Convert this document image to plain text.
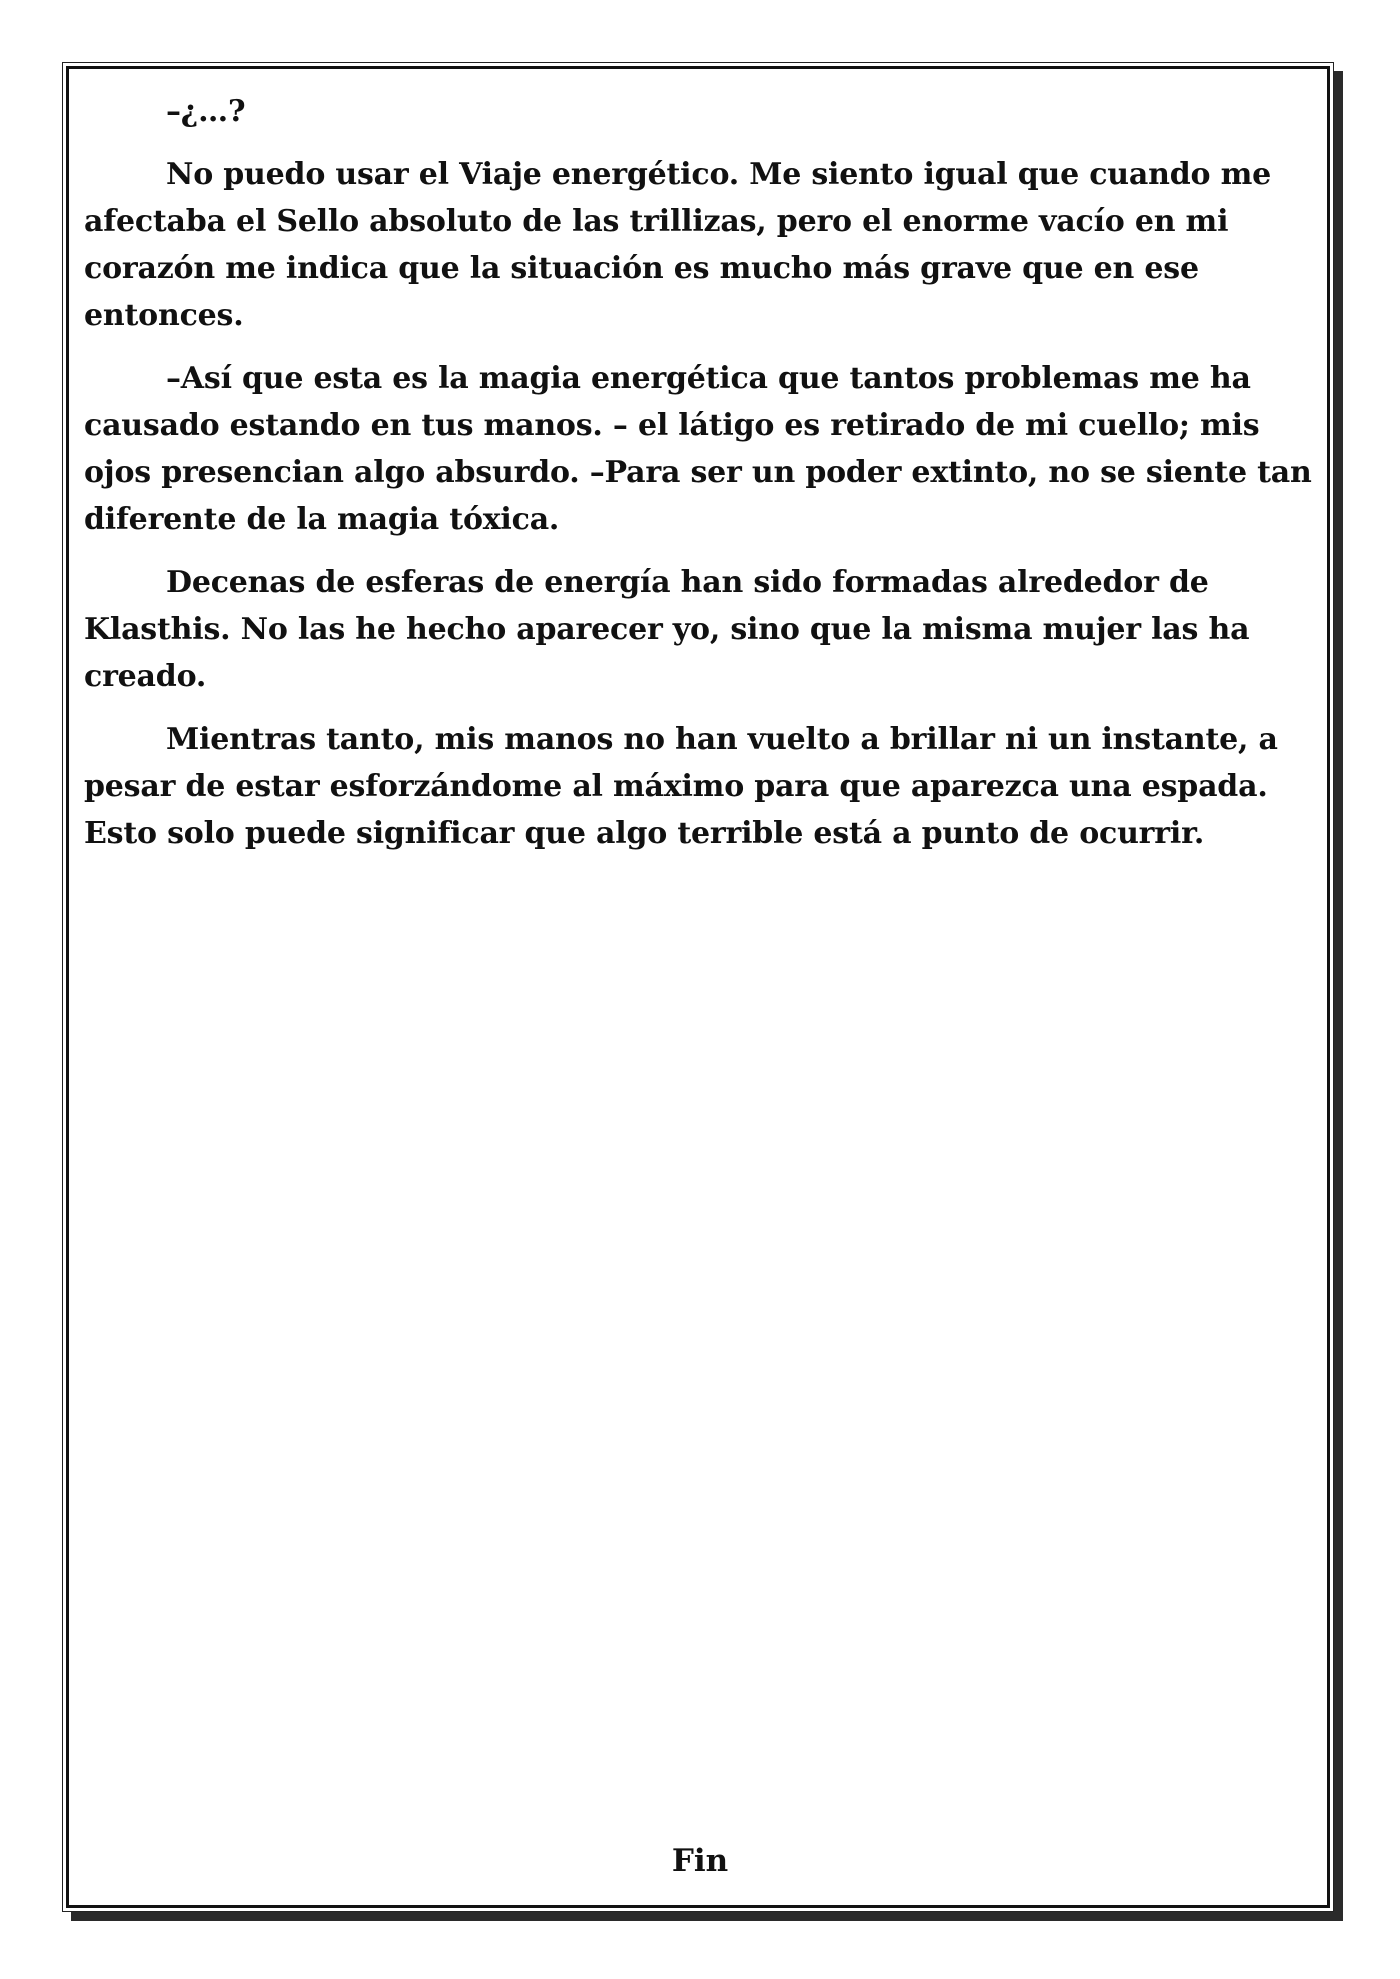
–¿…?

No puedo usar el Viaje energético. Me siento igual que cuando me afectaba el Sello absoluto de las trillizas, pero el enorme vacío en mi corazón me indica que la situación es mucho más grave que en ese entonces.

–Así que esta es la magia energética que tantos problemas me ha causado estando en tus manos. – el látigo es retirado de mi cuello; mis ojos presencian algo absurdo. –Para ser un poder extinto, no se siente tan diferente de la magia tóxica.

Decenas de esferas de energía han sido formadas alrededor de Klasthis. No las he hecho aparecer yo, sino que la misma mujer las ha creado.

Mientras tanto, mis manos no han vuelto a brillar ni un instante, a pesar de estar esforzándome al máximo para que aparezca una espada. Esto solo puede significar que algo terrible está a punto de ocurrir.

Fin
